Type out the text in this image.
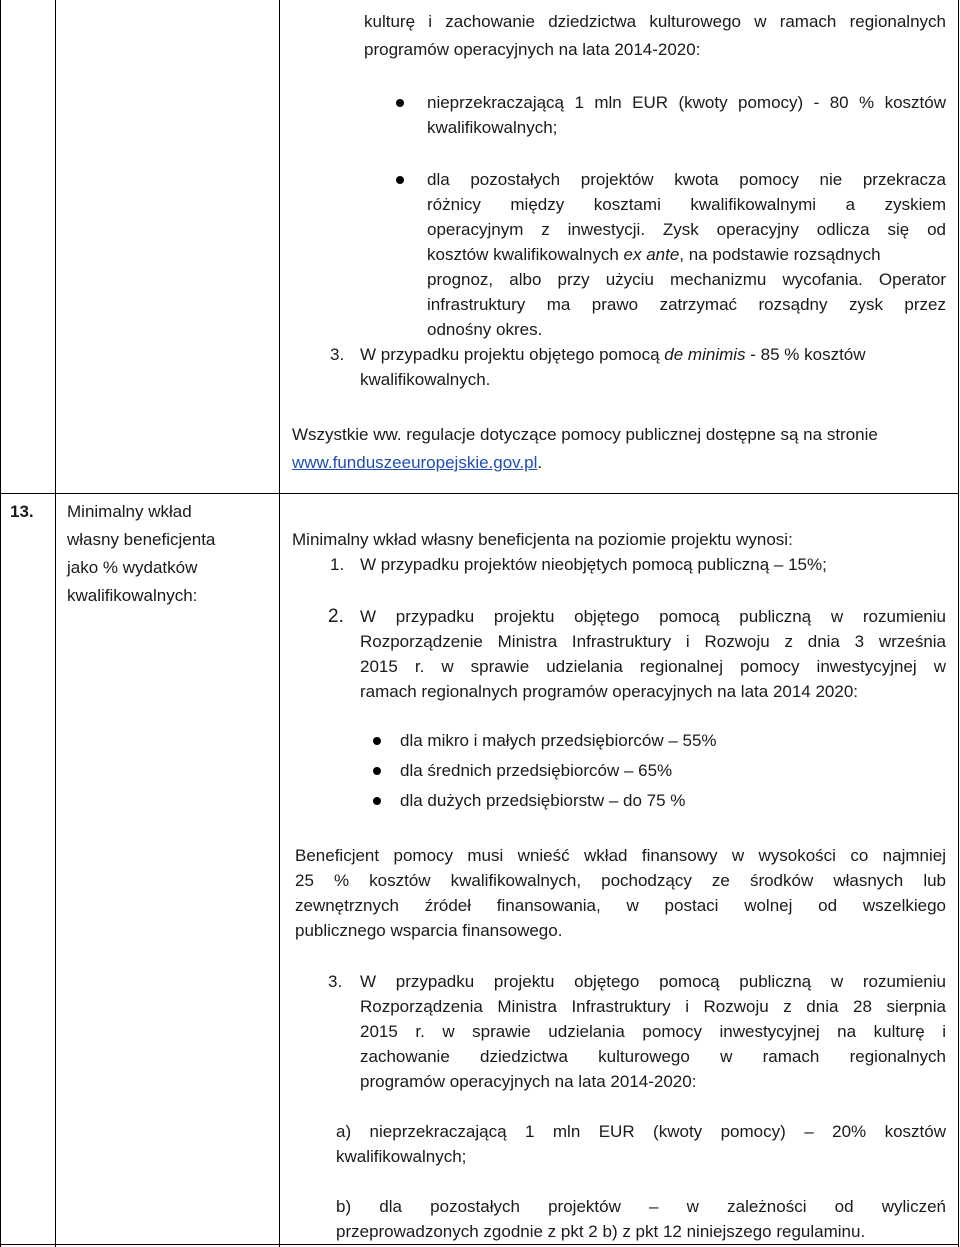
kulturę i zachowanie dziedzictwa kulturowego w ramach regionalnych
programów operacyjnych na lata 2014-2020:
nieprzekraczającą 1 mln EUR (kwoty pomocy) - 80 % kosztów
kwalifikowalnych;
dla pozostałych projektów kwota pomocy nie przekracza
różnicy między kosztami kwalifikowalnymi a zyskiem
operacyjnym z inwestycji. Zysk operacyjny odlicza się od
kosztów kwalifikowalnych ex ante, na podstawie rozsądnych
prognoz, albo przy użyciu mechanizmu wycofania. Operator
infrastruktury ma prawo zatrzymać rozsądny zysk przez
odnośny okres.
3. W przypadku projektu objętego pomocą de minimis - 85 % kosztów
kwalifikowalnych.
Wszystkie ww. regulacje dotyczące pomocy publicznej dostępne są na stronie
www.funduszeeuropejskie.gov.pl.
13. Minimalny wkład
własny beneficjenta
jako % wydatków
kwalifikowalnych:
Minimalny wkład własny beneficjenta na poziomie projektu wynosi:
1. W przypadku projektów nieobjętych pomocą publiczną – 15%;
2. W przypadku projektu objętego pomocą publiczną w rozumieniu
Rozporządzenie Ministra Infrastruktury i Rozwoju z dnia 3 września
2015 r. w sprawie udzielania regionalnej pomocy inwestycyjnej w
ramach regionalnych programów operacyjnych na lata 2014 2020:
dla mikro i małych przedsiębiorców – 55%
dla średnich przedsiębiorców – 65%
dla dużych przedsiębiorstw – do 75 %
Beneficjent pomocy musi wnieść wkład finansowy w wysokości co najmniej
25 % kosztów kwalifikowalnych, pochodzący ze środków własnych lub
zewnętrznych źródeł finansowania, w postaci wolnej od wszelkiego
publicznego wsparcia finansowego.
3. W przypadku projektu objętego pomocą publiczną w rozumieniu
Rozporządzenia Ministra Infrastruktury i Rozwoju z dnia 28 sierpnia
2015 r. w sprawie udzielania pomocy inwestycyjnej na kulturę i
zachowanie dziedzictwa kulturowego w ramach regionalnych
programów operacyjnych na lata 2014-2020:
a) nieprzekraczającą 1 mln EUR (kwoty pomocy) – 20% kosztów
kwalifikowalnych;
b) dla pozostałych projektów – w zależności od wyliczeń
przeprowadzonych zgodnie z pkt 2 b) z pkt 12 niniejszego regulaminu.
